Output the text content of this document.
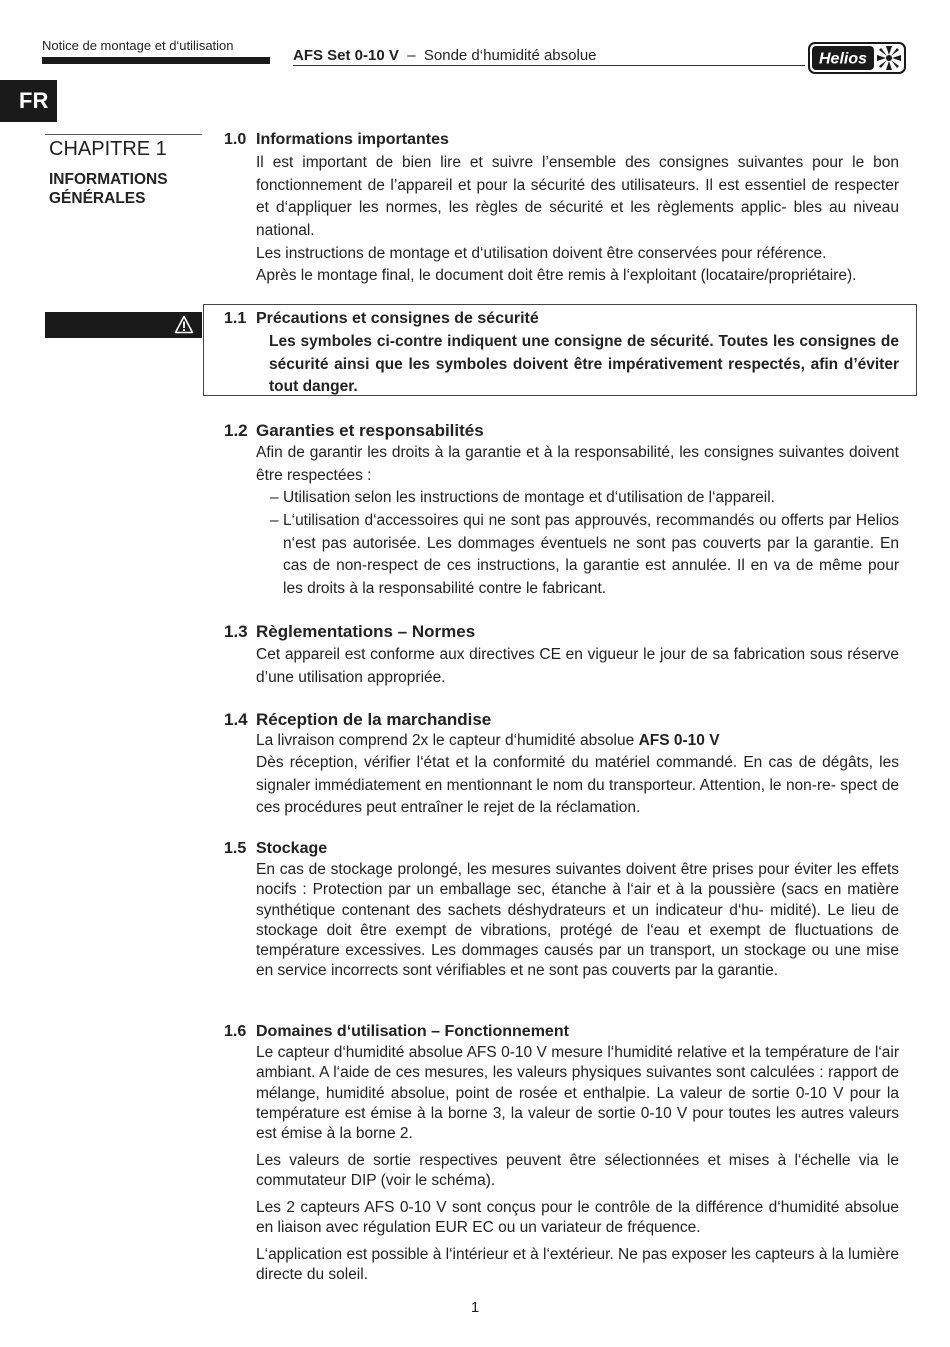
Notice de montage et d‘utilisation
AFS Set 0-10 V  –  Sonde d‘humidité absolue	Helios
FR
CHAPITRE 1
INFORMATIONS
GÉNÉRALES
1.0 Informations importantes
Il est important de bien lire et suivre l’ensemble des consignes suivantes pour le bon fonctionnement de l’appareil et pour la sécurité des utilisateurs. Il est essentiel de respecter et d‘appliquer les normes, les règles de sécurité et les règlements applic- bles au niveau national.
Les instructions de montage et d‘utilisation doivent être conservées pour référence.
Après le montage final, le document doit être remis à l‘exploitant (locataire/propriétaire).
1.1 Précautions et consignes de sécurité
Les symboles ci-contre indiquent une consigne de sécurité. Toutes les consignes de sécurité ainsi que les symboles doivent être impérativement respectés, afin d’éviter tout danger.
1.2 Garanties et responsabilités
Afin de garantir les droits à la garantie et à la responsabilité, les consignes suivantes doivent être respectées :
– Utilisation selon les instructions de montage et d‘utilisation de l‘appareil.
– L‘utilisation d‘accessoires qui ne sont pas approuvés, recommandés ou offerts par Helios n‘est pas autorisée. Les dommages éventuels ne sont pas couverts par la garantie. En cas de non-respect de ces instructions, la garantie est annulée. Il en va de même pour les droits à la responsabilité contre le fabricant.
1.3 Règlementations – Normes
Cet appareil est conforme aux directives CE en vigueur le jour de sa fabrication sous réserve d’une utilisation appropriée.
1.4 Réception de la marchandise
La livraison comprend 2x le capteur d‘humidité absolue AFS 0-10 V
Dès réception, vérifier l‘état et la conformité du matériel commandé. En cas de dégâts, les signaler immédiatement en mentionnant le nom du transporteur. Attention, le non-re- spect de ces procédures peut entraîner le rejet de la réclamation.
1.5 Stockage
En cas de stockage prolongé, les mesures suivantes doivent être prises pour éviter les effets nocifs : Protection par un emballage sec, étanche à l‘air et à la poussière (sacs en matière synthétique contenant des sachets déshydrateurs et un indicateur d‘hu- midité). Le lieu de stockage doit être exempt de vibrations, protégé de l‘eau et exempt de fluctuations de température excessives. Les dommages causés par un transport, un stockage ou une mise en service incorrects sont vérifiables et ne sont pas couverts par la garantie.
1.6 Domaines d‘utilisation – Fonctionnement
Le capteur d‘humidité absolue AFS 0-10 V mesure l‘humidité relative et la température de l‘air ambiant. A l‘aide de ces mesures, les valeurs physiques suivantes sont calculées : rapport de mélange, humidité absolue, point de rosée et enthalpie. La valeur de sortie 0-10 V pour la température est émise à la borne 3, la valeur de sortie 0-10 V pour toutes les autres valeurs est émise à la borne 2.
Les valeurs de sortie respectives peuvent être sélectionnées et mises à l‘échelle via le commutateur DIP (voir le schéma).
Les 2 capteurs AFS 0-10 V sont conçus pour le contrôle de la différence d‘humidité absolue en liaison avec régulation EUR EC ou un variateur de fréquence.
L‘application est possible à l‘intérieur et à l‘extérieur. Ne pas exposer les capteurs à la lumière directe du soleil.
1
